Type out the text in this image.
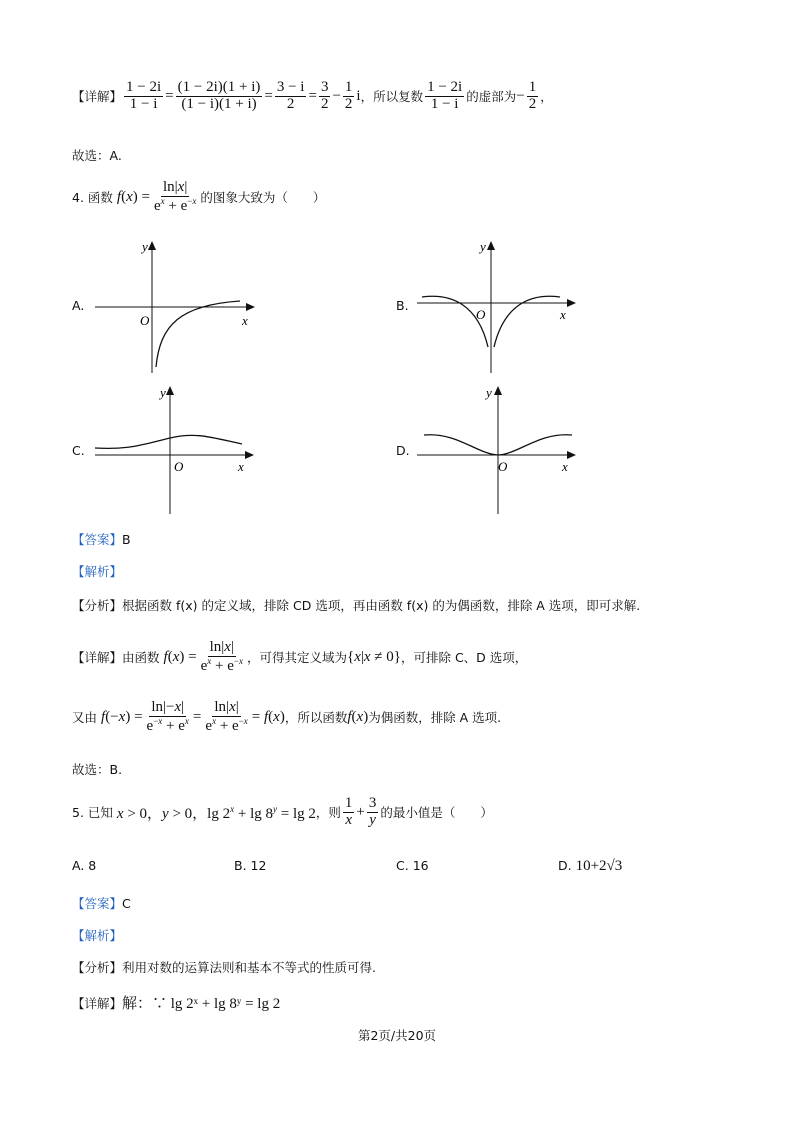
【详解】 $\frac{1 - 2i}{1 - i} = \frac{(1 - 2i)(1 + i)}{(1 - i)(1 + i)} = \frac{3 - i}{2} = \frac{3}{2} - \frac{1}{2}$ i ，所以复数 $\frac{1 - 2i}{1 - i}$ 的虚部为 − $\frac{1}{2}$ ，
故选：A.
4. 函数 $f(x) = \frac{\ln|x|}{e^x + e^{-x}}$ 的图象大致为（　　）
A.
y
x
O
B.
y
x
O
C.
y
x
O
D.
y
x
O
【答案】 B
【解析】
【分析】 根据函数 f(x) 的定义域，排除 CD 选项，再由函数 f(x) 的为偶函数，排除 A 选项，即可求解.
【详解】 由函数 $f(x) = \frac{\ln|x|}{e^x + e^{-x}}$ ，可得其定义域为 {x|x ≠ 0} ，可排除 C、D 选项，
又由 $f(-x) = \frac{\ln|-x|}{e^{-x} + e^x} = \frac{\ln|x|}{e^x + e^{-x}} = f(x)$ ，所以函数 f(x) 为偶函数，排除 A 选项.
故选：B.
5. 已知 x > 0，y > 0，$\lg 2^x + \lg 8^y = \lg 2$ ，则 $\frac{1}{x} + \frac{3}{y}$ 的最小值是（　　）
A. 8	B. 12	C. 16	D. 10+2√3
【答案】 C
【解析】
【分析】 利用对数的运算法则和基本不等式的性质可得.
【详解】 解：∵ lg 2ˣ + lg 8ʸ = lg 2
第2页/共20页
